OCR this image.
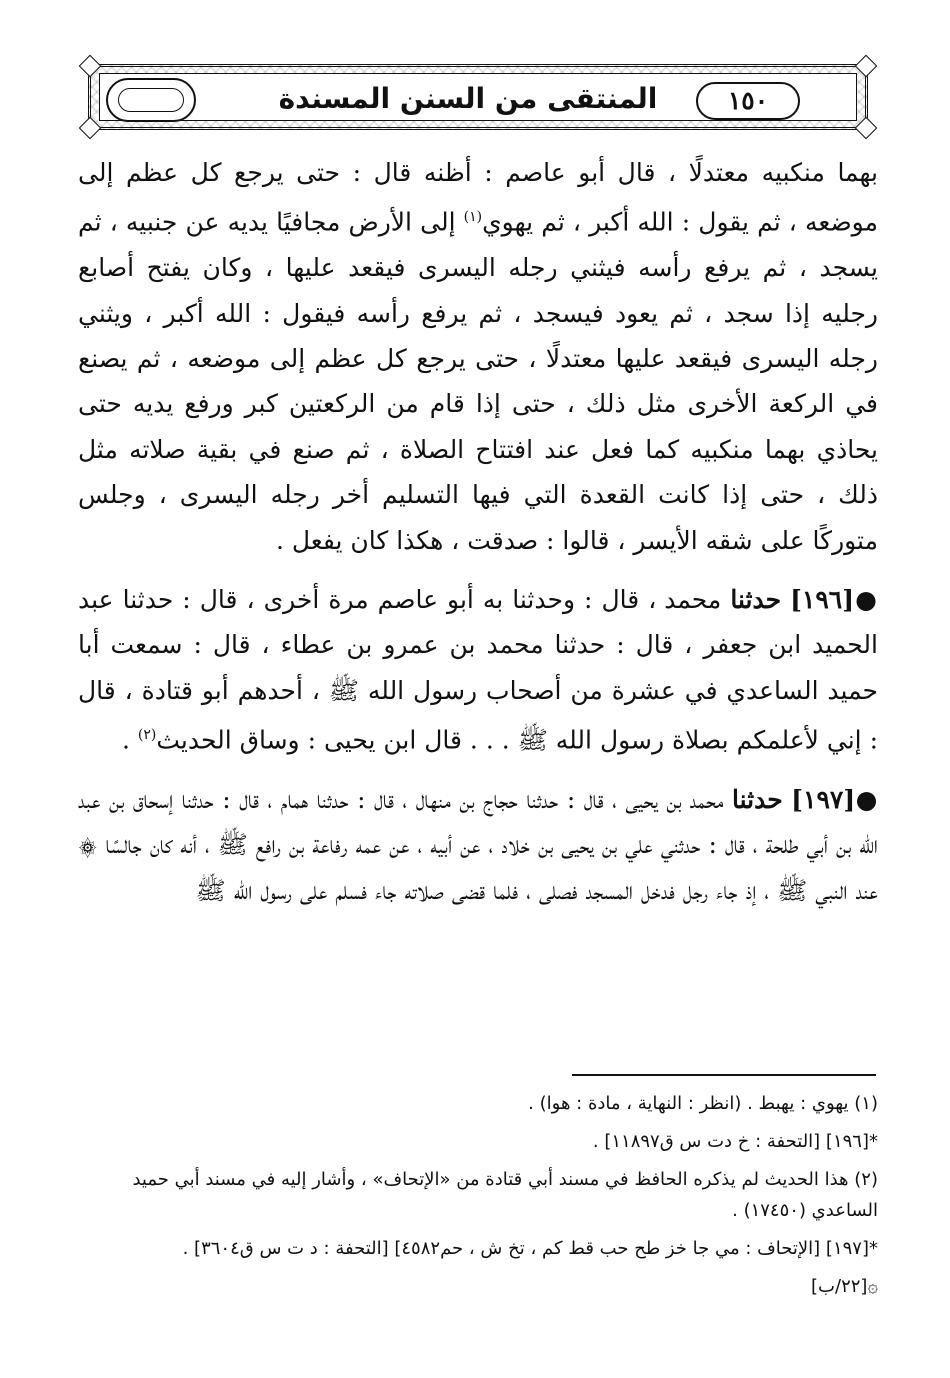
١٥٠
المنتقى من السنن المسندة

بهما منكبيه معتدلًا ، قال أبو عاصم : أظنه قال : حتى يرجع كل عظم إلى موضعه ، ثم يقول : الله أكبر ، ثم يهوي$^{(١)}$ إلى الأرض مجافيًا يديه عن جنبيه ، ثم يسجد ، ثم يرفع رأسه فيثني رجله اليسرى فيقعد عليها ، وكان يفتح أصابع رجليه إذا سجد ، ثم يعود فيسجد ، ثم يرفع رأسه فيقول : الله أكبر ، ويثني رجله اليسرى فيقعد عليها معتدلًا ، حتى يرجع كل عظم إلى موضعه ، ثم يصنع في الركعة الأخرى مثل ذلك ، حتى إذا قام من الركعتين كبر ورفع يديه حتى يحاذي بهما منكبيه كما فعل عند افتتاح الصلاة ، ثم صنع في بقية صلاته مثل ذلك ، حتى إذا كانت القعدة التي فيها التسليم أخر رجله اليسرى ، وجلس متوركًا على شقه الأيسر ، قالوا : صدقت ، هكذا كان يفعل .

●[١٩٦] حدثنا محمد ، قال : وحدثنا به أبو عاصم مرة أخرى ، قال : حدثنا عبد الحميد ابن جعفر ، قال : حدثنا محمد بن عمرو بن عطاء ، قال : سمعت أبا حميد الساعدي في عشرة من أصحاب رسول الله ﷺ ، أحدهم أبو قتادة ، قال : إني لأعلمكم بصلاة رسول الله ﷺ . . . قال ابن يحيى : وساق الحديث$^{(٢)}$ .

●[١٩٧] حدثنا محمد بن يحيى ، قال : حدثنا حجاج بن منهال ، قال : حدثنا همام ، قال : حدثنا إسحاق بن عبد الله بن أبي طلحة ، قال : حدثني علي بن يحيى بن خلاد ، عن أبيه ، عن عمه رفاعة بن رافع ﷺ ، أنه كان جالسًا ۞ عند النبي ﷺ ، إذ جاء رجل فدخل المسجد فصلى ، فلما قضى صلاته جاء فسلم على رسول الله ﷺ

(١) يهوي : يهبط . (انظر : النهاية ، مادة : هوا) .

*[١٩٦] [التحفة : خ دت س ق١١٨٩٧] .

(٢) هذا الحديث لم يذكره الحافظ في مسند أبي قتادة من «الإتحاف» ، وأشار إليه في مسند أبي حميد الساعدي (١٧٤٥٠) .

*[١٩٧] [الإتحاف : مي جا خز طح حب قط كم ، تخ ش ، حم٤٥٨٢] [التحفة : د ت س ق٣٦٠٤] .

۞[٢٢/ب]
